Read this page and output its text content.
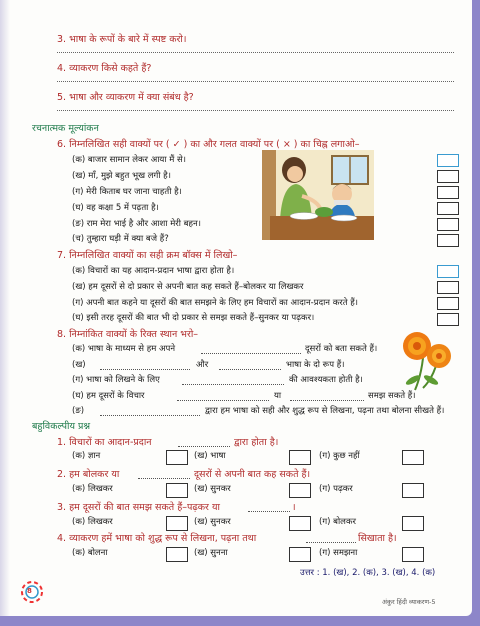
3. भाषा के रूपों के बारे में स्पष्ट करो।
4. व्याकरण किसे कहते हैं?
5. भाषा और व्याकरण में क्या संबंध है?
रचनात्मक मूल्यांकन
6. निम्नलिखित सही वाक्यों पर ( ✓ ) का और गलत वाक्यों पर ( × ) का चिह्न लगाओ–
(क) बाजार सामान लेकर आया मैं से।
(ख) माँ, मुझे बहुत भूख लगी है।
(ग) मेरी किताब घर जाना चाहती है।
(घ) वह कक्षा 5 में पढ़ता है।
(ङ) राम मेरा भाई है और आशा मेरी बहन।
(च) तुम्हारा घड़ी में क्या बजे हैं?
7. निम्नलिखित वाक्यों का सही क्रम बॉक्स में लिखो–
(क) विचारों का यह आदान-प्रदान भाषा द्वारा होता है।
(ख) हम दूसरों से दो प्रकार से अपनी बात कह सकते हैं–बोलकर या लिखकर
(ग) अपनी बात कहने या दूसरों की बात समझने के लिए हम विचारों का आदान-प्रदान करते हैं।
(घ) इसी तरह दूसरों की बात भी दो प्रकार से समझ सकते हैं–सुनकर या पढ़कर।
8. निम्नांकित वाक्यों के रिक्त स्थान भरो–
(क) भाषा के माध्यम से हम अपने	दूसरों को बता सकते हैं।
(ख)	और	भाषा के दो रूप हैं।
(ग) भाषा को लिखने के लिए	की आवश्यकता होती है।
(घ) हम दूसरों के विचार	या	समझ सकते हैं।
(ङ)	द्वारा हम भाषा को सही और शुद्ध रूप से लिखना, पढ़ना तथा बोलना सीखते हैं।
बहुविकल्पीय प्रश्न
1. विचारों का आदान-प्रदान	द्वारा होता है।
(क) ज्ञान	(ख) भाषा	(ग) कुछ नहीं
2. हम बोलकर या	दूसरों से अपनी बात कह सकते हैं।
(क) लिखकर	(ख) सुनकर	(ग) पढ़कर
3. हम दूसरों की बात समझ सकते हैं–पढ़कर या	।
(क) लिखकर	(ख) सुनकर	(ग) बोलकर
4. व्याकरण हमें भाषा को शुद्ध रूप से लिखना, पढ़ना तथा	सिखाता है।
(क) बोलना	(ख) सुनना	(ग) समझना
उत्तर : 1. (ख), 2. (क), 3. (ख), 4. (क)
8
अंकुर हिंदी व्याकरण-5
